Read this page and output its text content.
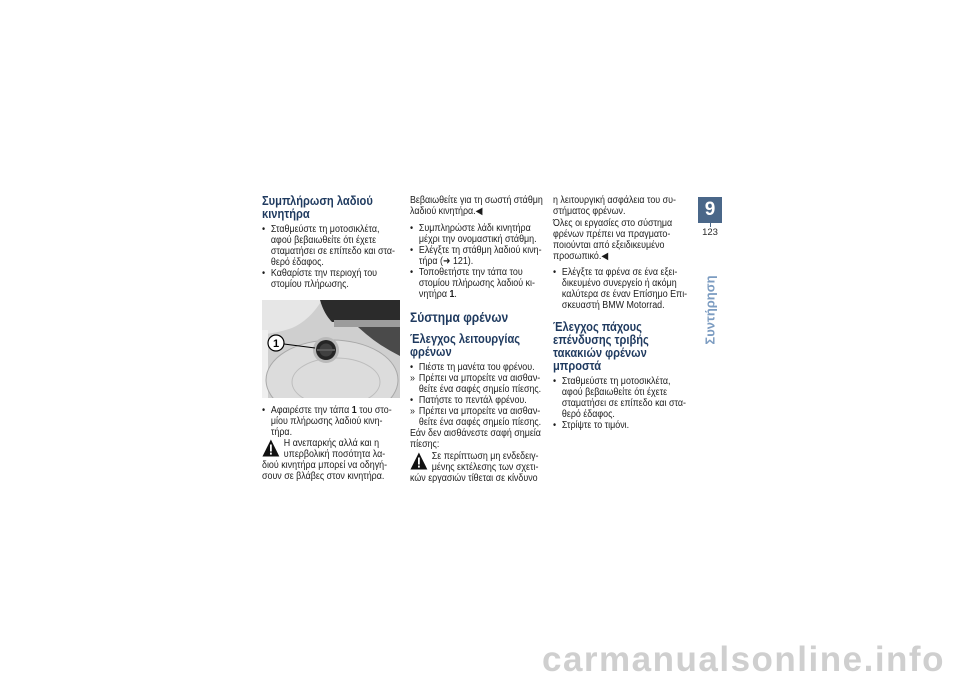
Συμπλήρωση λαδιού
κινητήρα
• Σταθμεύστε τη μοτοσικλέτα,
αφού βεβαιωθείτε ότι έχετε
σταματήσει σε επίπεδο και στα-
θερό έδαφος.
• Καθαρίστε την περιοχή του
στομίου πλήρωσης.
1
• Αφαιρέστε την τάπα 1 του στο-
μίου πλήρωσης λαδιού κινη-
τήρα.
Η ανεπαρκής αλλά και η
υπερβολική ποσότητα λα-
διού κινητήρα μπορεί να οδηγή-
σουν σε βλάβες στον κινητήρα.
Βεβαιωθείτε για τη σωστή στάθμη
λαδιού κινητήρα.◀
• Συμπληρώστε λάδι κινητήρα
μέχρι την ονομαστική στάθμη.
• Ελέγξτε τη στάθμη λαδιού κινη-
τήρα (➜ 121).
• Τοποθετήστε την τάπα του
στομίου πλήρωσης λαδιού κι-
νητήρα 1.
Σύστημα φρένων
Έλεγχος λειτουργίας
φρένων
• Πιέστε τη μανέτα του φρένου.
» Πρέπει να μπορείτε να αισθαν-
θείτε ένα σαφές σημείο πίεσης.
• Πατήστε το πεντάλ φρένου.
» Πρέπει να μπορείτε να αισθαν-
θείτε ένα σαφές σημείο πίεσης.
Εάν δεν αισθάνεστε σαφή σημεία
πίεσης:
Σε περίπτωση μη ενδεδειγ-
μένης εκτέλεσης των σχετι-
κών εργασιών τίθεται σε κίνδυνο
η λειτουργική ασφάλεια του συ-
στήματος φρένων.
Όλες οι εργασίες στο σύστημα
φρένων πρέπει να πραγματο-
ποιούνται από εξειδικευμένο
προσωπικό.◀
• Ελέγξτε τα φρένα σε ένα εξει-
δικευμένο συνεργείο ή ακόμη
καλύτερα σε έναν Επίσημο Επι-
σκευαστή BMW Motorrad.
Έλεγχος πάχους
επένδυσης τριβής
τακακιών φρένων
μπροστά
• Σταθμεύστε τη μοτοσικλέτα,
αφού βεβαιωθείτε ότι έχετε
σταματήσει σε επίπεδο και στα-
θερό έδαφος.
• Στρίψτε το τιμόνι.
9
123
Συντήρηση
carmanualsonline.info
